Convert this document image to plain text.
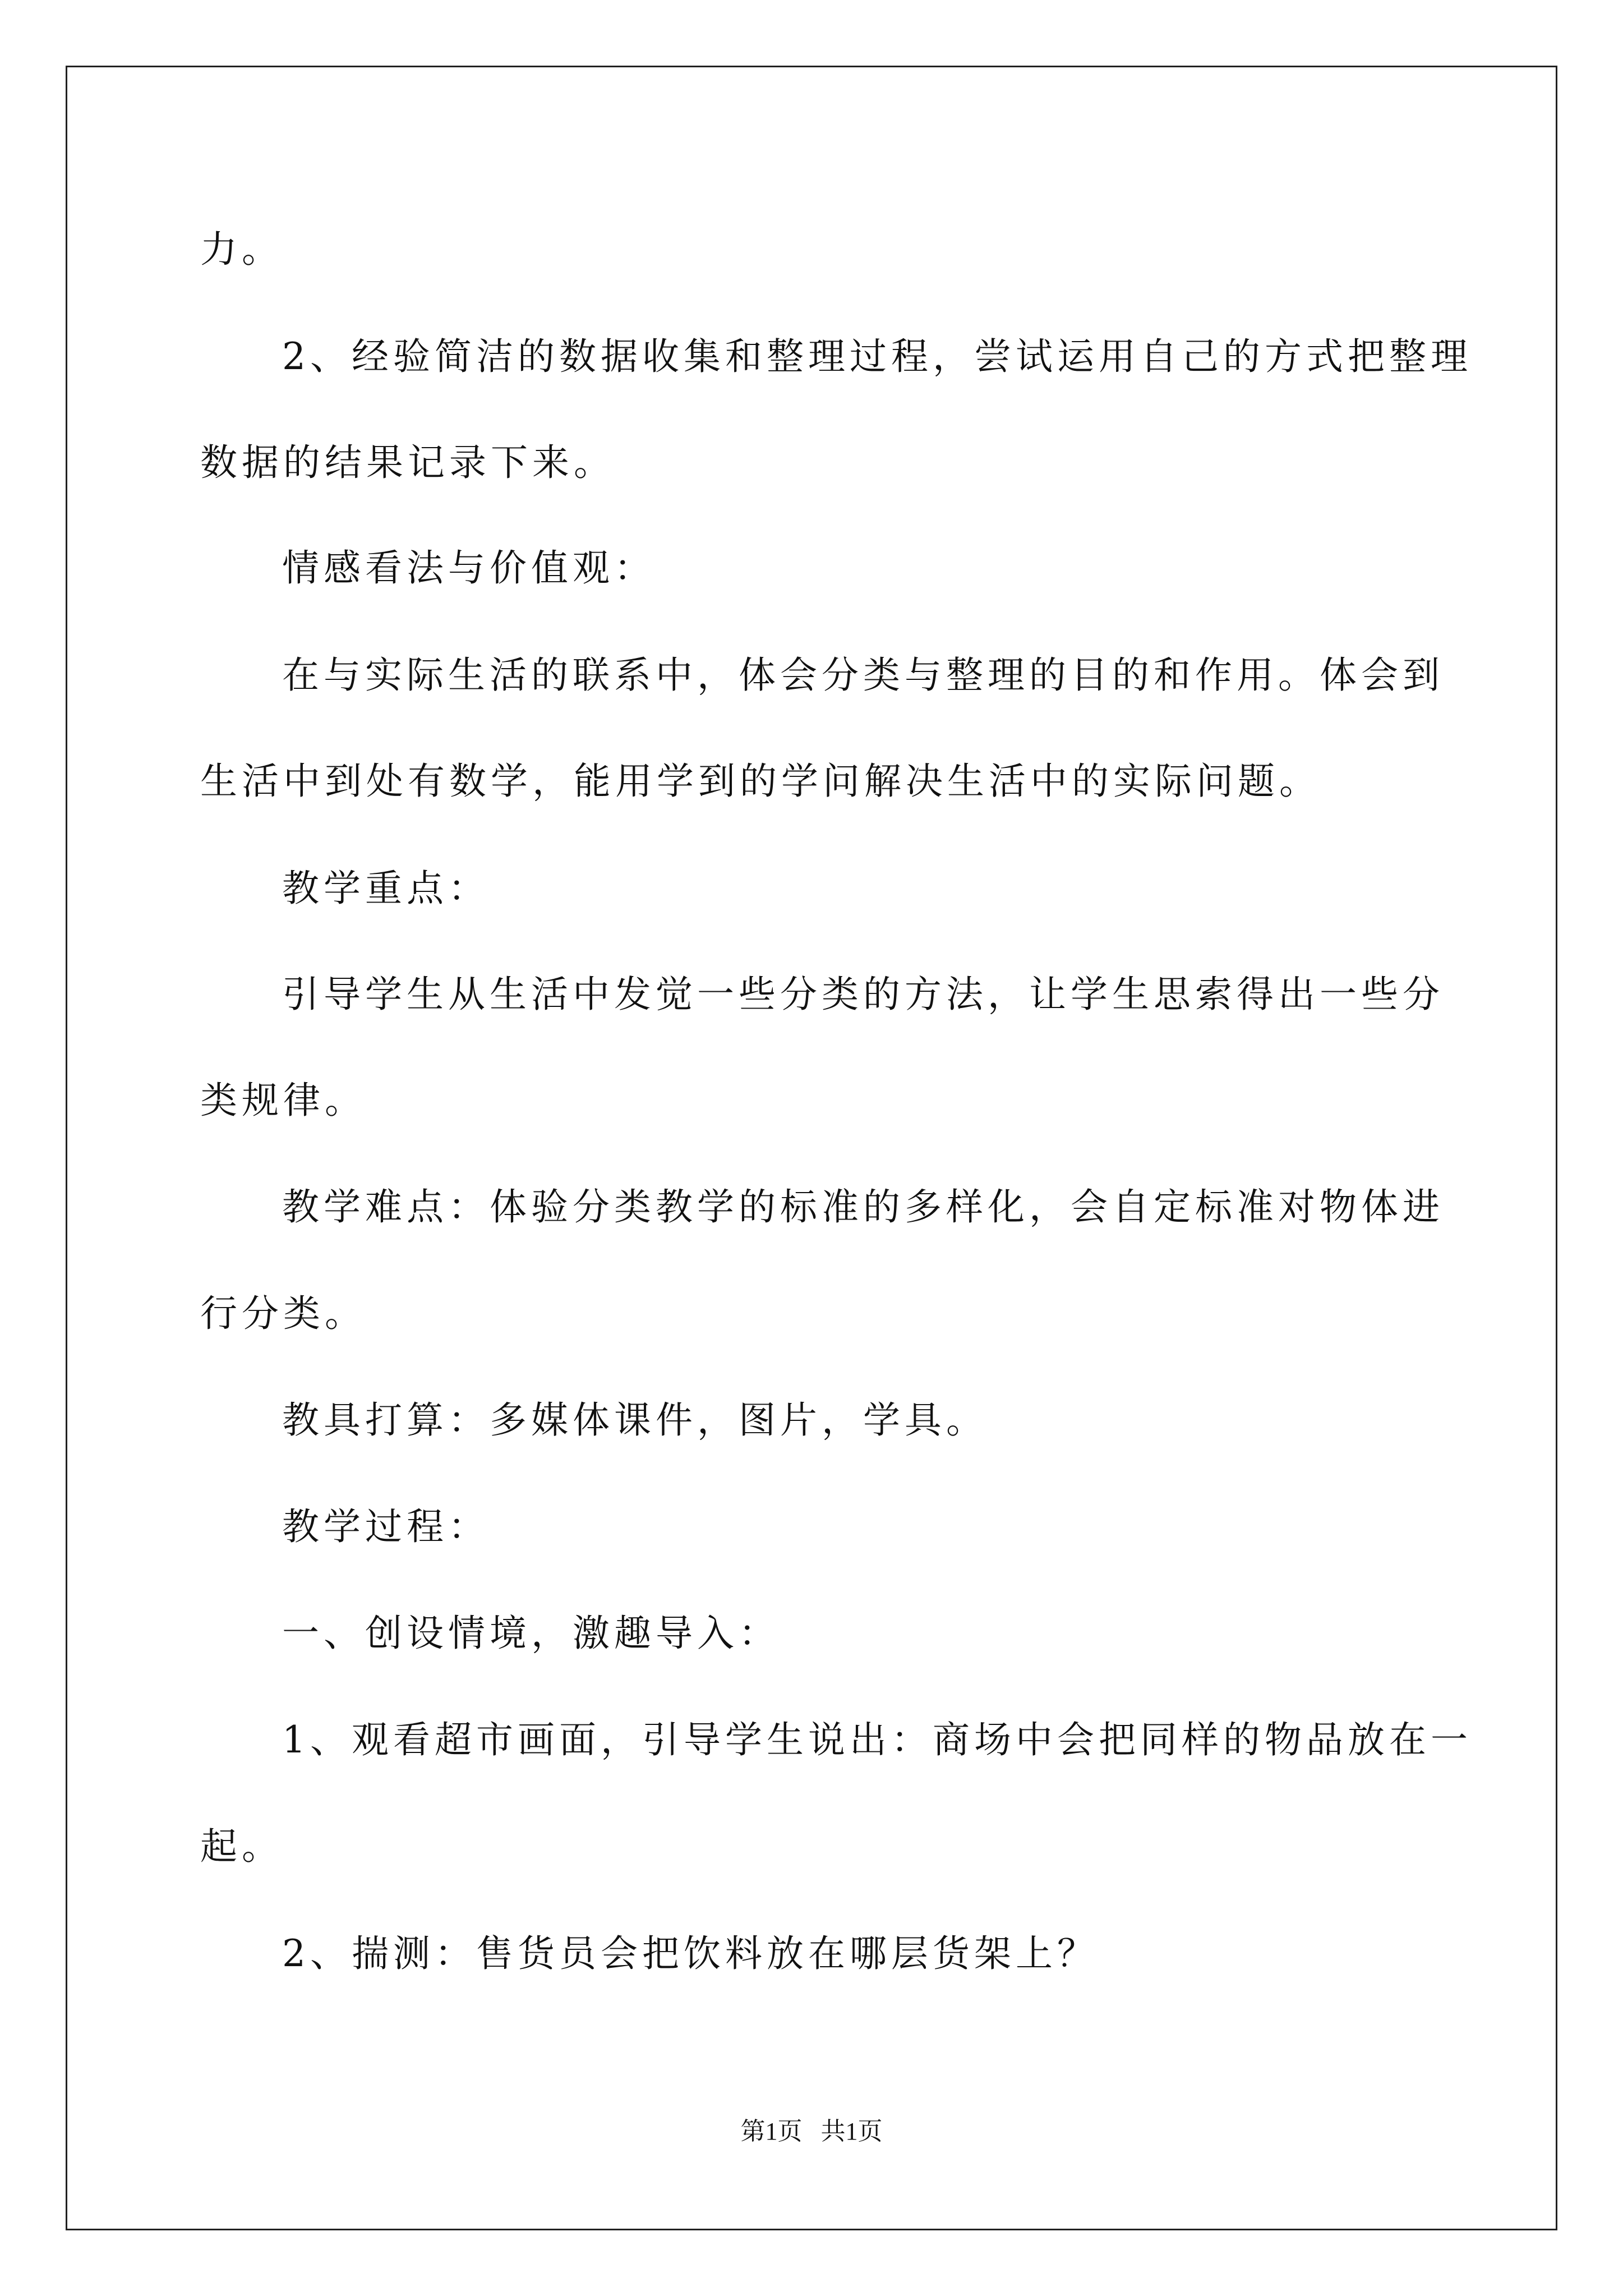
力。

2、经验简洁的数据收集和整理过程，尝试运用自己的方式把整理

数据的结果记录下来。

情感看法与价值观：

在与实际生活的联系中，体会分类与整理的目的和作用。体会到

生活中到处有数学，能用学到的学问解决生活中的实际问题。

教学重点：

引导学生从生活中发觉一些分类的方法，让学生思索得出一些分

类规律。

教学难点：体验分类教学的标准的多样化，会自定标准对物体进

行分类。

教具打算：多媒体课件，图片，学具。

教学过程：

一、创设情境，激趣导入：

1、观看超市画面，引导学生说出：商场中会把同样的物品放在一

起。

2、揣测：售货员会把饮料放在哪层货架上？

第1页   共1页
